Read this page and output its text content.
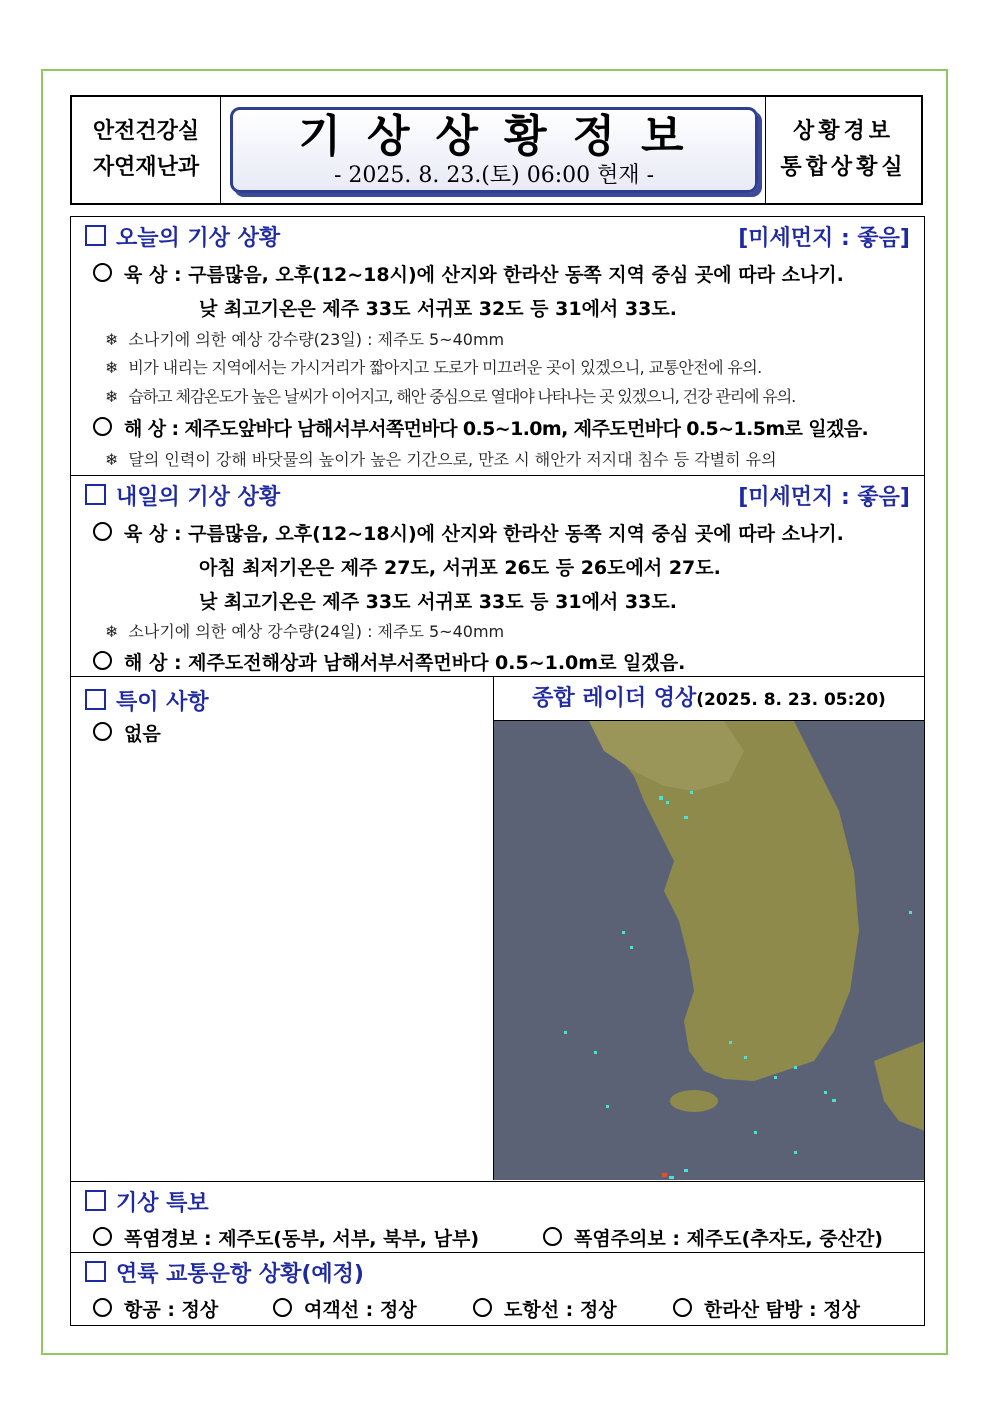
안전건강실
자연재난과
기상상황정보
- 2025. 8. 23.(토) 06:00 현재 -
상황경보
통합상황실
오늘의 기상 상황	[미세먼지 : 좋음]
육 상 : 구름많음, 오후(12~18시)에 산지와 한라산 동쪽 지역 중심 곳에 따라 소나기.
낮 최고기온은 제주 33도 서귀포 32도 등 31에서 33도.
❄ 소나기에 의한 예상 강수량(23일) : 제주도 5~40mm
❄ 비가 내리는 지역에서는 가시거리가 짧아지고 도로가 미끄러운 곳이 있겠으니, 교통안전에 유의.
❄ 습하고 체감온도가 높은 날씨가 이어지고, 해안 중심으로 열대야 나타나는 곳 있겠으니, 건강 관리에 유의.
해 상 : 제주도앞바다 남해서부서쪽먼바다 0.5~1.0m, 제주도먼바다 0.5~1.5m로 일겠음.
❄ 달의 인력이 강해 바닷물의 높이가 높은 기간으로, 만조 시 해안가 저지대 침수 등 각별히 유의
내일의 기상 상황	[미세먼지 : 좋음]
육 상 : 구름많음, 오후(12~18시)에 산지와 한라산 동쪽 지역 중심 곳에 따라 소나기.
아침 최저기온은 제주 27도, 서귀포 26도 등 26도에서 27도.
낮 최고기온은 제주 33도 서귀포 33도 등 31에서 33도.
❄ 소나기에 의한 예상 강수량(24일) : 제주도 5~40mm
해 상 : 제주도전해상과 남해서부서쪽먼바다 0.5~1.0m로 일겠음.
특이 사항
없음
종합 레이더 영상(2025. 8. 23. 05:20)
기상 특보
폭염경보 : 제주도(동부, 서부, 북부, 남부)	폭염주의보 : 제주도(추자도, 중산간)
연륙 교통운항 상황(예정)
항공 : 정상	여객선 : 정상	도항선 : 정상	한라산 탐방 : 정상
